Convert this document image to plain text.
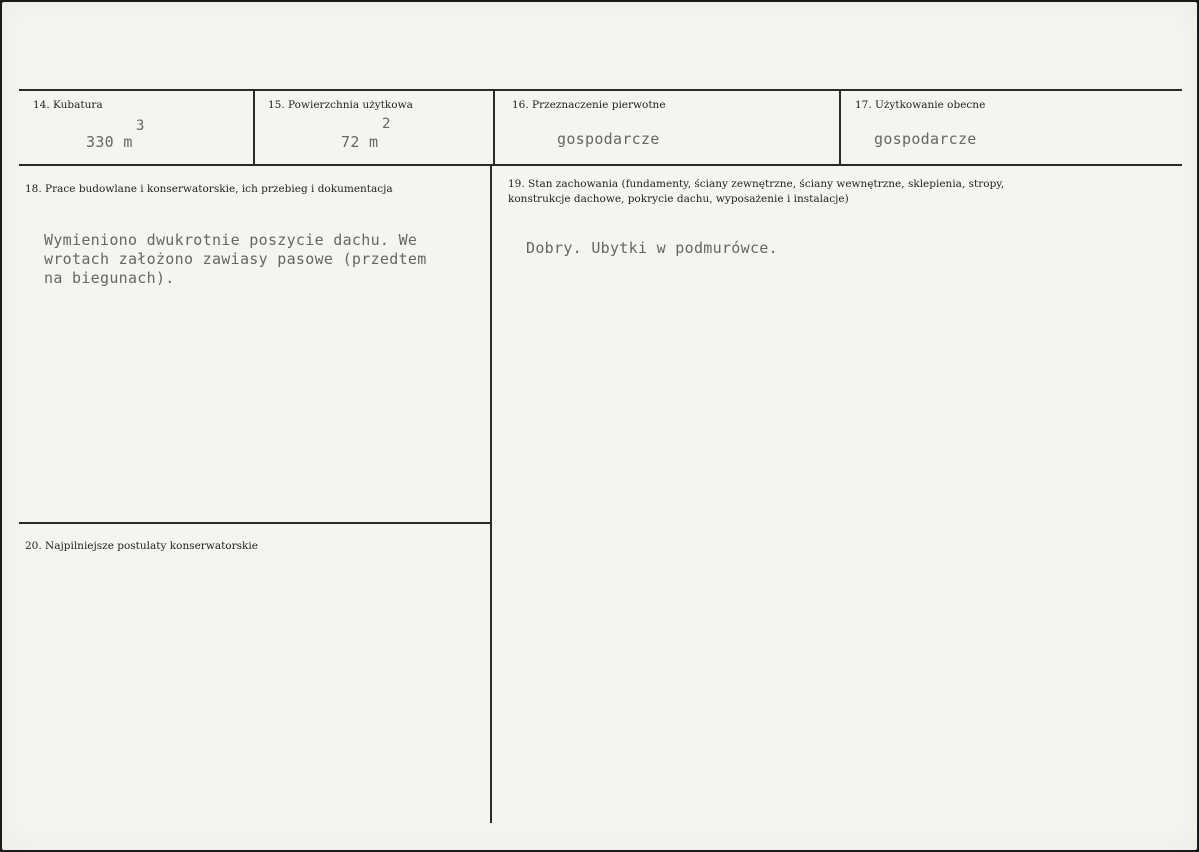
14. Kubatura
330 m
3
15. Powierzchnia użytkowa
72 m
2
16. Przeznaczenie pierwotne
gospodarcze
17. Użytkowanie obecne
gospodarcze
18. Prace budowlane i konserwatorskie, ich przebieg i dokumentacja
Wymieniono dwukrotnie poszycie dachu. We
wrotach założono zawiasy pasowe (przedtem
na biegunach).
19. Stan zachowania (fundamenty, ściany zewnętrzne, ściany wewnętrzne, sklepienia, stropy,
konstrukcje dachowe, pokrycie dachu, wyposażenie i instalacje)
Dobry. Ubytki w podmurówce.
20. Najpilniejsze postulaty konserwatorskie
